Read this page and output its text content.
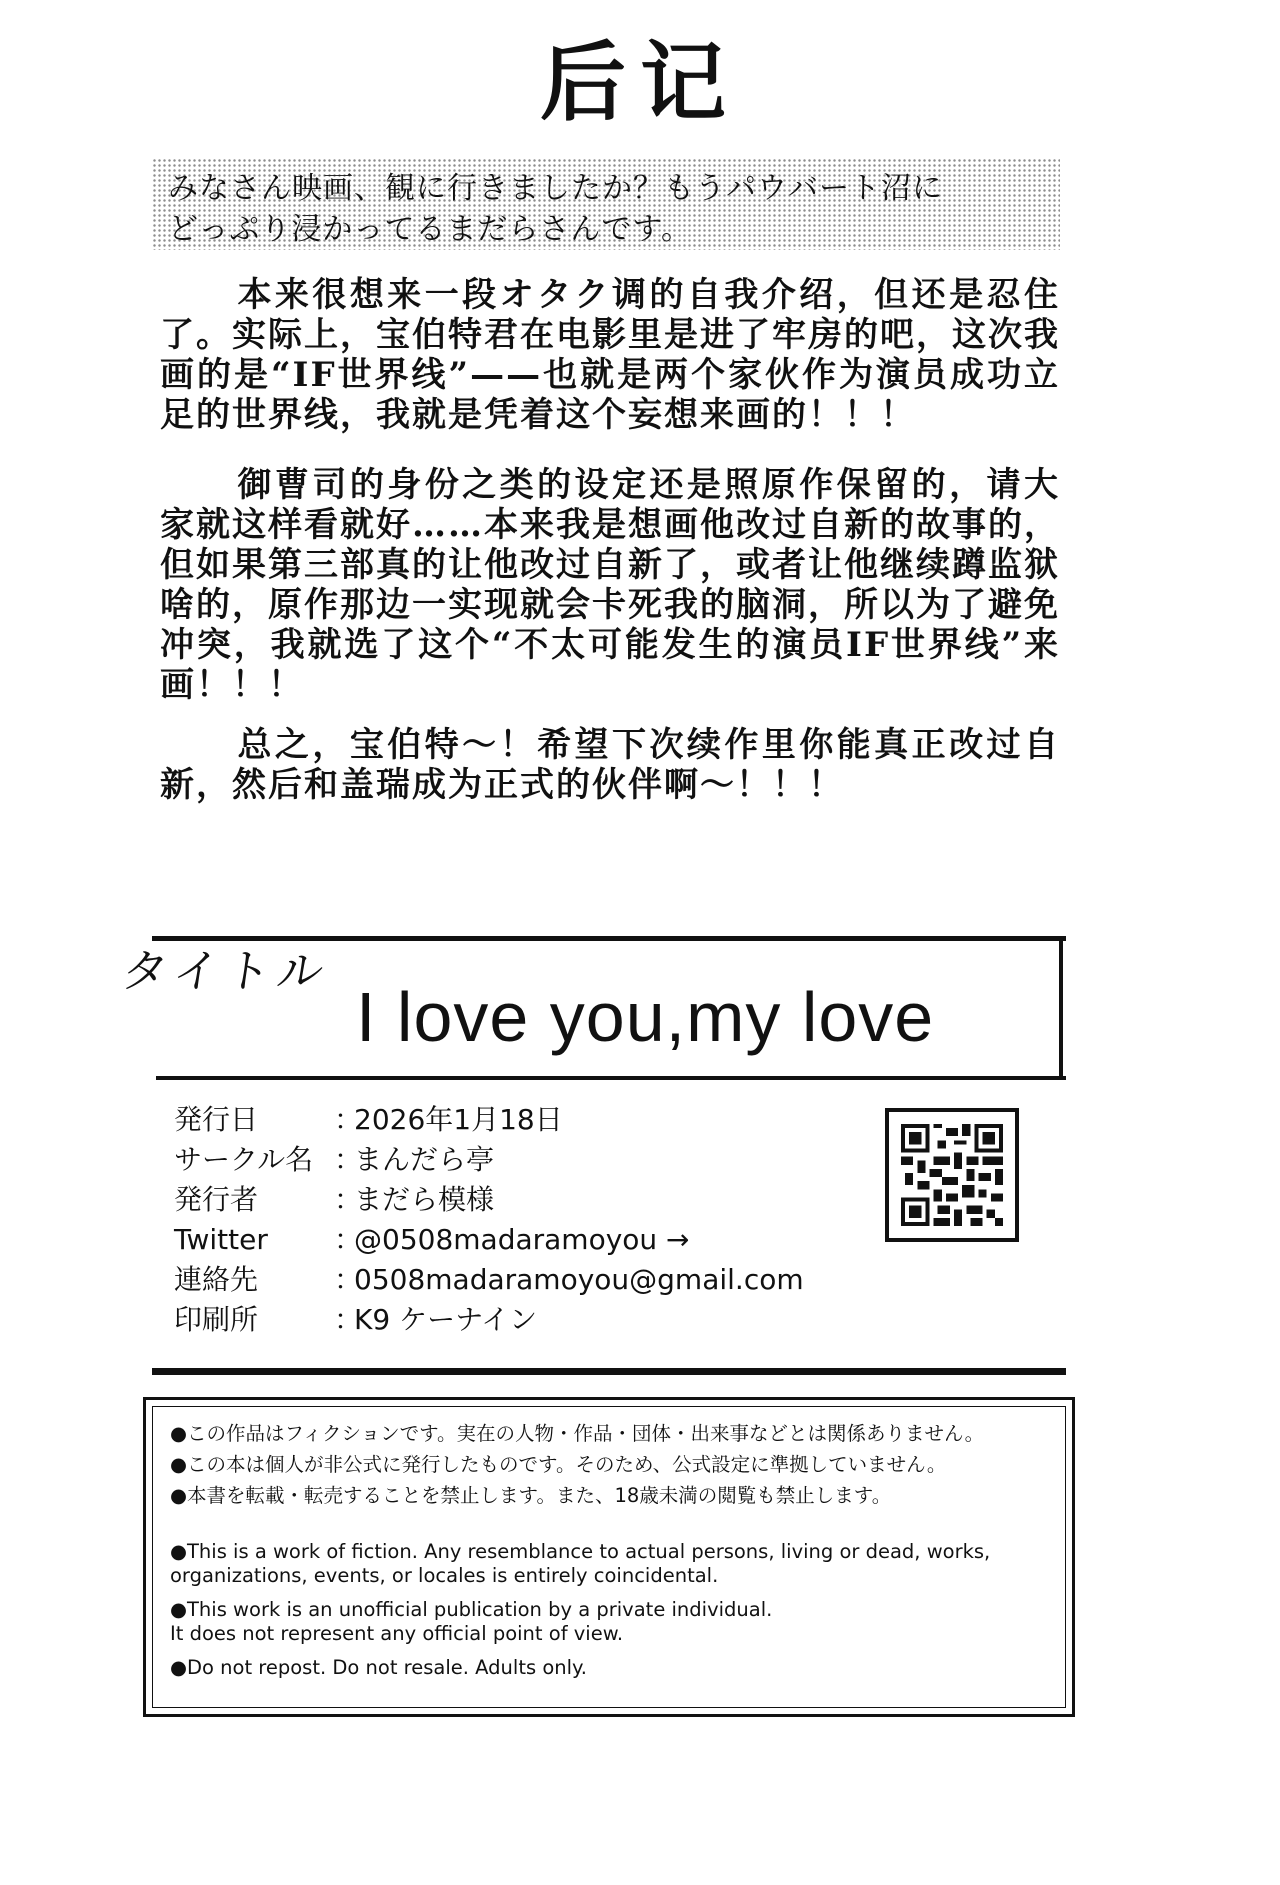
后记
みなさん映画、観に行きましたか？もうパウバート沼に
どっぷり浸かってるまだらさんです。
本来很想来一段オタク调的自我介绍，但还是忍住了。实际上，宝伯特君在电影里是进了牢房的吧，这次我画的是“IF世界线”——也就是两个家伙作为演员成功立足的世界线，我就是凭着这个妄想来画的！！！
御曹司的身份之类的设定还是照原作保留的，请大家就这样看就好……本来我是想画他改过自新的故事的，但如果第三部真的让他改过自新了，或者让他继续蹲监狱啥的，原作那边一实现就会卡死我的脑洞，所以为了避免冲突，我就选了这个“不太可能发生的演员IF世界线”来画！！！
总之，宝伯特～！希望下次续作里你能真正改过自新，然后和盖瑞成为正式的伙伴啊～！！！
タイトル
I love you,my love
発行日	：
2026年1月18日
サークル名 ：
まんだら亭
発行者	：
まだら模様
Twitter	：
@0508madaramoyou →
連絡先	：
0508madaramoyou@gmail.com
印刷所	：
K9 ケーナイン
●この作品はフィクションです。実在の人物・作品・団体・出来事などとは関係ありません。
●この本は個人が非公式に発行したものです。そのため、公式設定に準拠していません。
●本書を転載・転売することを禁止します。また、18歳未満の閲覧も禁止します。
●This is a work of fiction. Any resemblance to actual persons, living or dead, works,
organizations, events, or locales is entirely coincidental.
●This work is an unofficial publication by a private individual.
It does not represent any official point of view.
●Do not repost. Do not resale. Adults only.
